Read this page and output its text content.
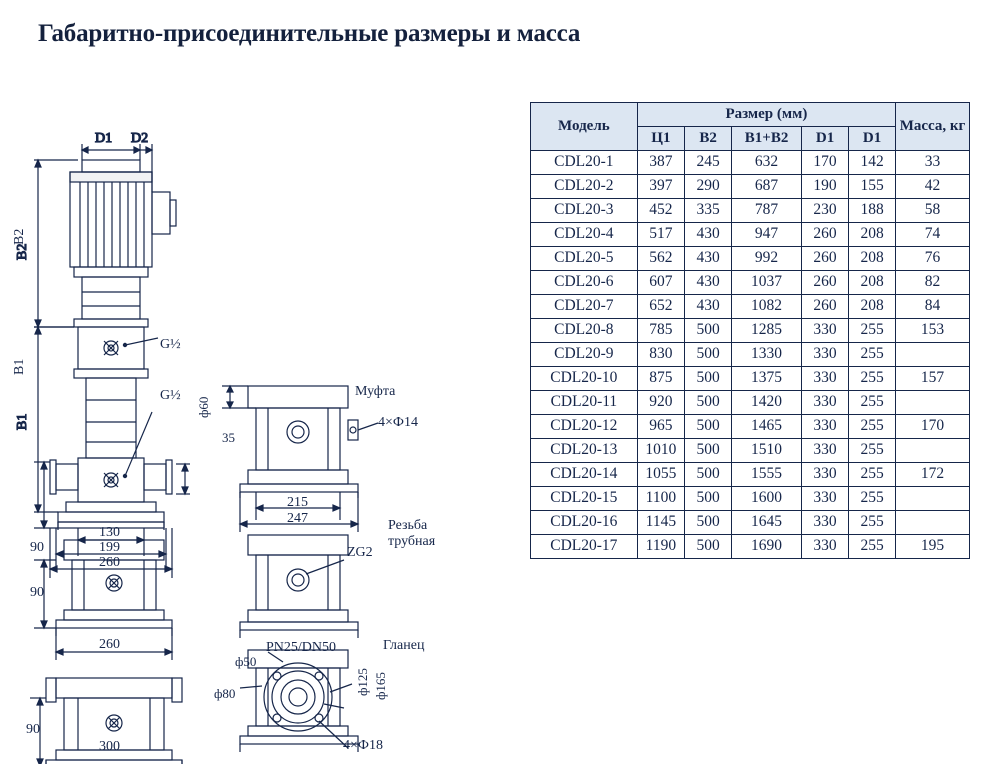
Габаритно-присоединительные размеры и масса
D1 D2
B2
B1
B2
B1
G½
G½
ф60
90
130
199
260
Муфта
4×Ф14
35
215
247	Резьба
трубная
ZG2
90
260	Гланец
PN25/DN50
ф50
ф80	ф125 ф165
4×Ф18
90
300
Модель	Размер (мм)					Масса, кг
	Ц1	B2	B1+B2	D1	D1	
CDL20-1	387	245	632	170	142	33
CDL20-2	397	290	687	190	155	42
CDL20-3	452	335	787	230	188	58
CDL20-4	517	430	947	260	208	74
CDL20-5	562	430	992	260	208	76
CDL20-6	607	430	1037	260	208	82
CDL20-7	652	430	1082	260	208	84
CDL20-8	785	500	1285	330	255	153
CDL20-9	830	500	1330	330	255	
CDL20-10	875	500	1375	330	255	157
CDL20-11	920	500	1420	330	255	
CDL20-12	965	500	1465	330	255	170
CDL20-13	1010	500	1510	330	255	
CDL20-14	1055	500	1555	330	255	172
CDL20-15	1100	500	1600	330	255	
CDL20-16	1145	500	1645	330	255	
CDL20-17	1190	500	1690	330	255	195
